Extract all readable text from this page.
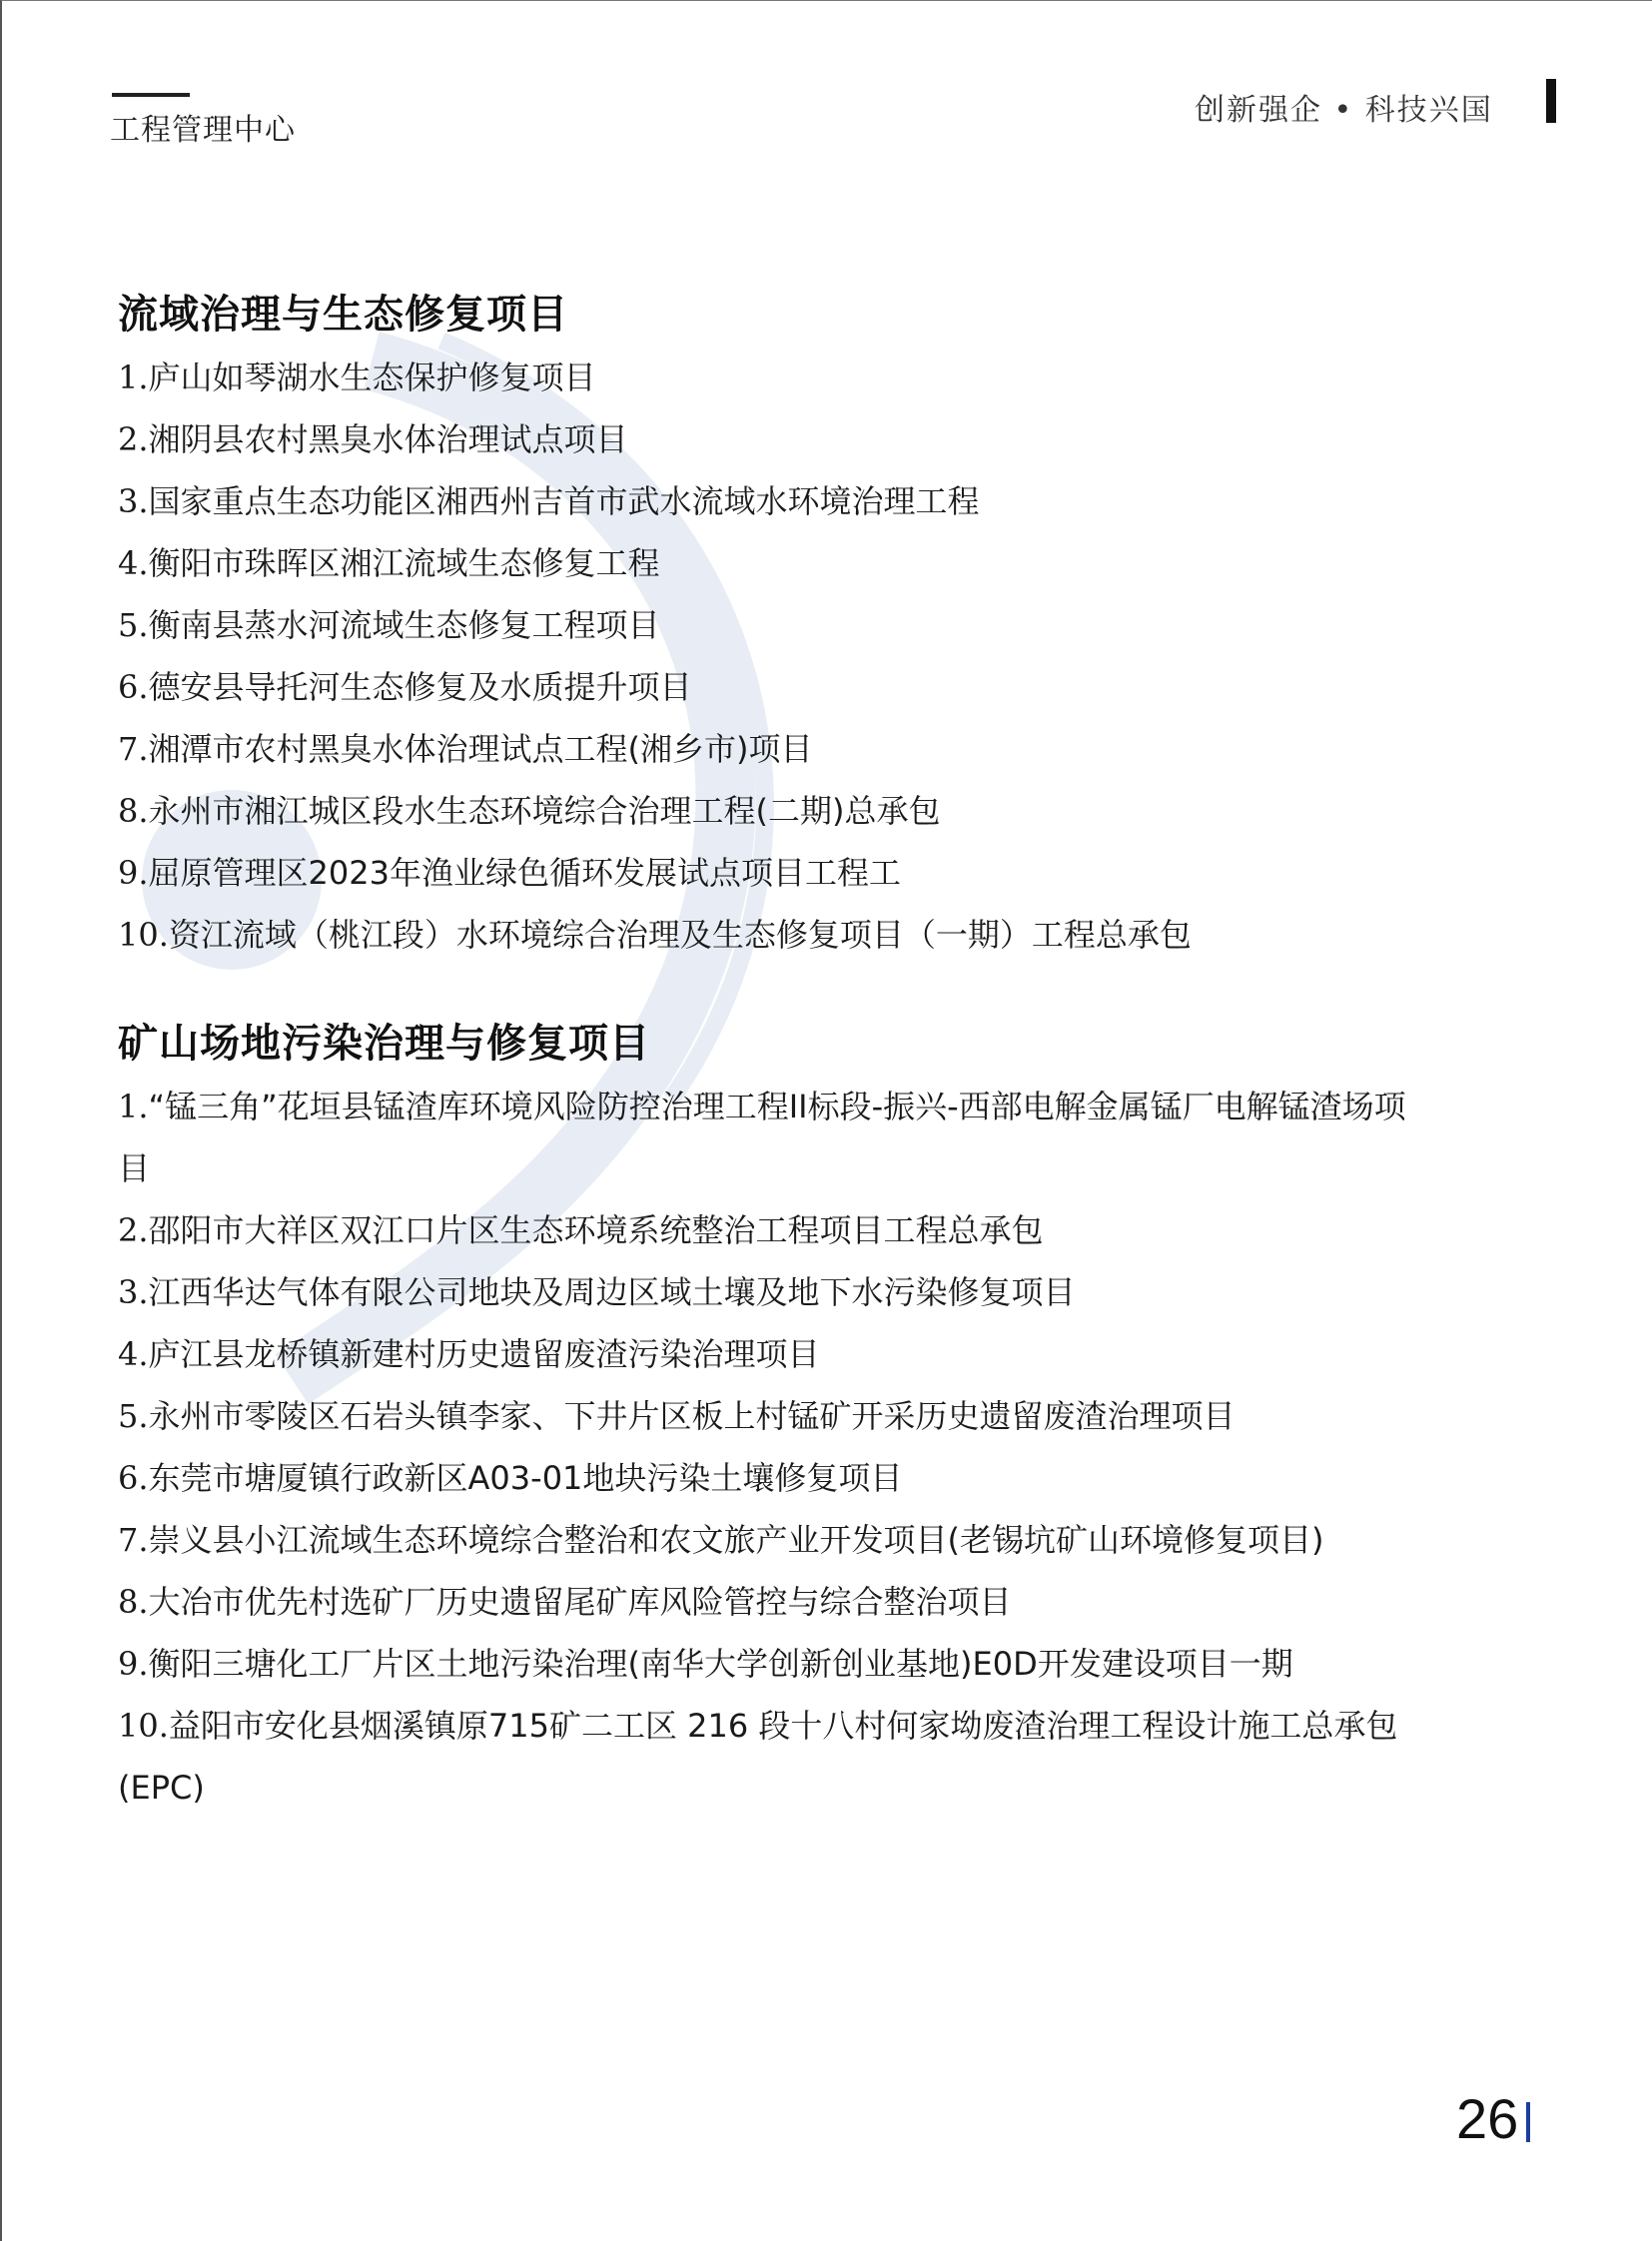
工程管理中心
创新强企 • 科技兴国
流域治理与生态修复项目
1.庐山如琴湖水生态保护修复项目
2.湘阴县农村黑臭水体治理试点项目
3.国家重点生态功能区湘西州吉首市武水流域水环境治理工程
4.衡阳市珠晖区湘江流域生态修复工程
5.衡南县蒸水河流域生态修复工程项目
6.德安县导托河生态修复及水质提升项目
7.湘潭市农村黑臭水体治理试点工程(湘乡市)项目
8.永州市湘江城区段水生态环境综合治理工程(二期)总承包
9.屈原管理区2023年渔业绿色循环发展试点项目工程工
10.资江流域（桃江段）水环境综合治理及生态修复项目（一期）工程总承包
矿山场地污染治理与修复项目
1.“锰三角”花垣县锰渣库环境风险防控治理工程II标段-振兴-西部电解金属锰厂电解锰渣场项目
2.邵阳市大祥区双江口片区生态环境系统整治工程项目工程总承包
3.江西华达气体有限公司地块及周边区域土壤及地下水污染修复项目
4.庐江县龙桥镇新建村历史遗留废渣污染治理项目
5.永州市零陵区石岩头镇李家、下井片区板上村锰矿开采历史遗留废渣治理项目
6.东莞市塘厦镇行政新区A03-01地块污染土壤修复项目
7.崇义县小江流域生态环境综合整治和农文旅产业开发项目(老锡坑矿山环境修复项目)
8.大冶市优先村选矿厂历史遗留尾矿库风险管控与综合整治项目
9.衡阳三塘化工厂片区土地污染治理(南华大学创新创业基地)E0D开发建设项目一期
10.益阳市安化县烟溪镇原715矿二工区 216 段十八村何家坳废渣治理工程设计施工总承包(EPC)
26
